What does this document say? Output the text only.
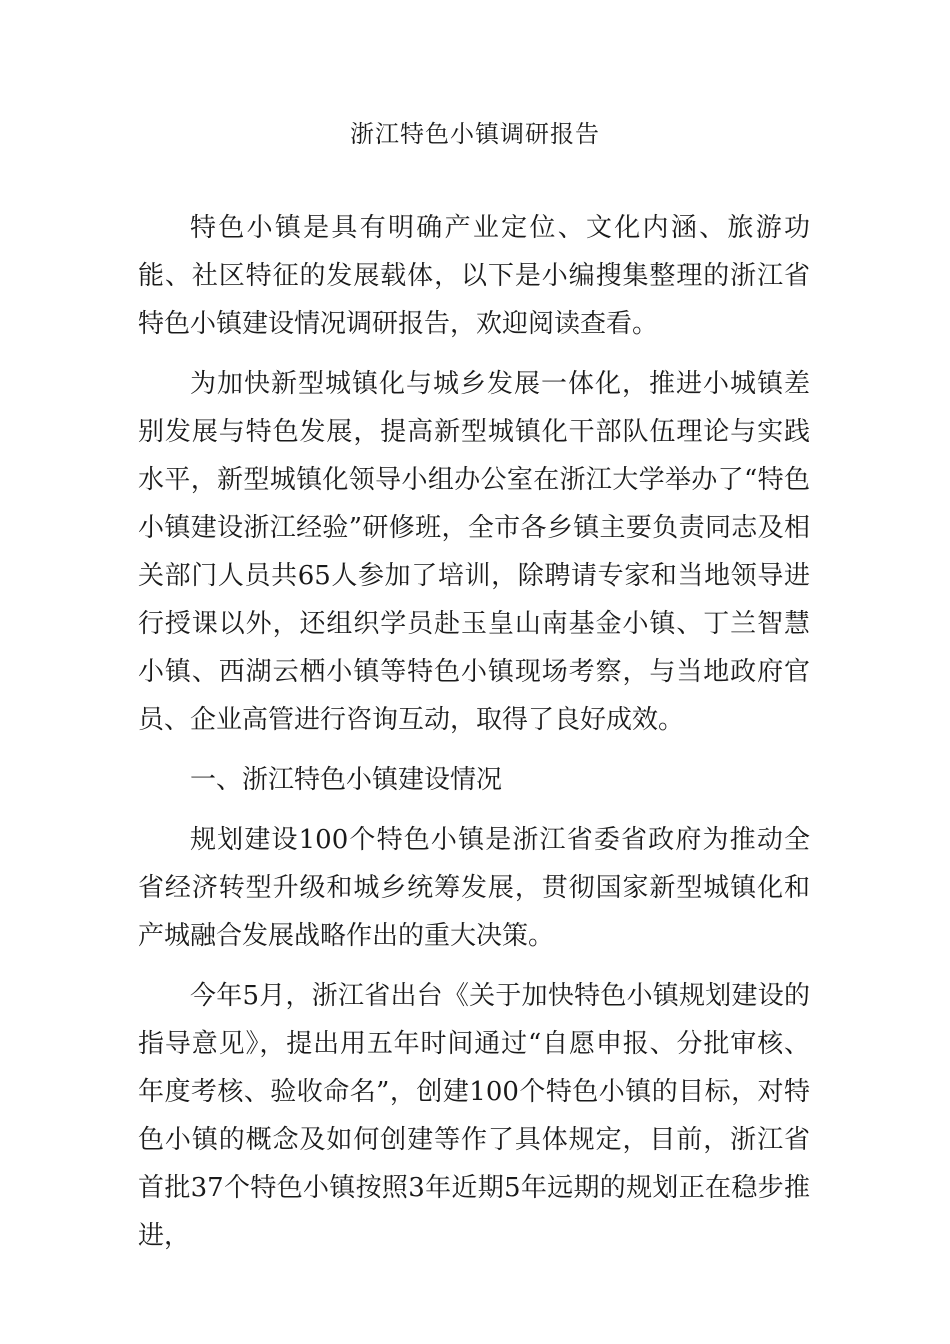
浙江特色小镇调研报告

特色小镇是具有明确产业定位、文化内涵、旅游功能、社区特征的发展载体，以下是小编搜集整理的浙江省特色小镇建设情况调研报告，欢迎阅读查看。

为加快新型城镇化与城乡发展一体化，推进小城镇差别发展与特色发展，提高新型城镇化干部队伍理论与实践水平，新型城镇化领导小组办公室在浙江大学举办了“特色小镇建设浙江经验”研修班，全市各乡镇主要负责同志及相关部门人员共65人参加了培训，除聘请专家和当地领导进行授课以外，还组织学员赴玉皇山南基金小镇、丁兰智慧小镇、西湖云栖小镇等特色小镇现场考察，与当地政府官员、企业高管进行咨询互动，取得了良好成效。

一、浙江特色小镇建设情况

规划建设100个特色小镇是浙江省委省政府为推动全省经济转型升级和城乡统筹发展，贯彻国家新型城镇化和产城融合发展战略作出的重大决策。

今年5月，浙江省出台《关于加快特色小镇规划建设的指导意见》，提出用五年时间通过“自愿申报、分批审核、年度考核、验收命名”，创建100个特色小镇的目标，对特色小镇的概念及如何创建等作了具体规定，目前，浙江省首批37个特色小镇按照3年近期5年远期的规划正在稳步推进，
